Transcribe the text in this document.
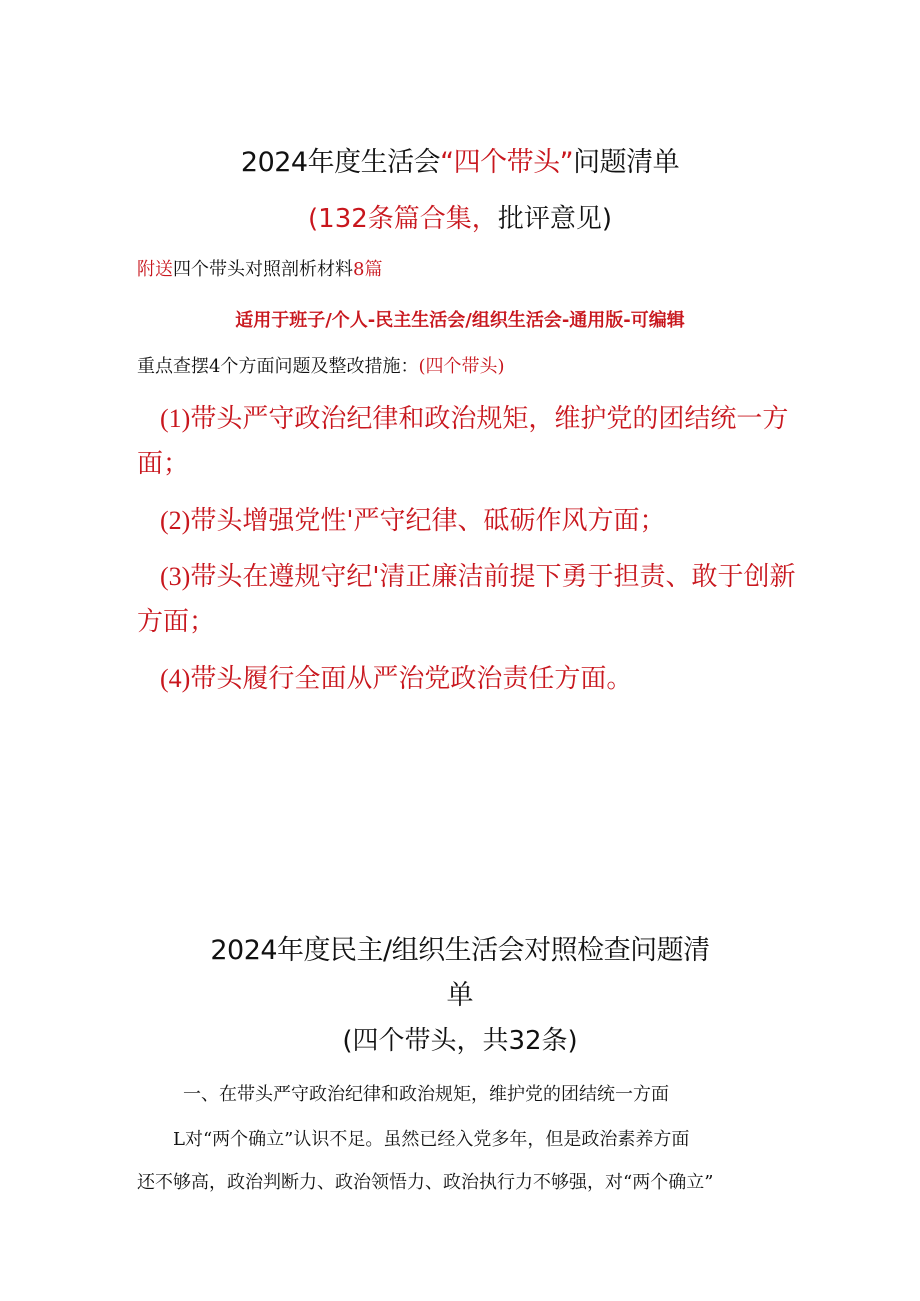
2024年度生活会“四个带头”问题清单
(132条篇合集，批评意见)
附送四个带头对照剖析材料8篇
适用于班子/个人-民主生活会/组织生活会-通用版-可编辑
重点查摆4个方面问题及整改措施：(四个带头)
(1)带头严守政治纪律和政治规矩，维护党的团结统一方
面；
(2)带头增强党性'严守纪律、砥砺作风方面；
(3)带头在遵规守纪'清正廉洁前提下勇于担责、敢于创新
方面；
(4)带头履行全面从严治党政治责任方面。
2024年度民主/组织生活会对照检查问题清
单
(四个带头，共32条)
一、在带头严守政治纪律和政治规矩，维护党的团结统一方面
L对“两个确立”认识不足。虽然已经入党多年，但是政治素养方面
还不够高，政治判断力、政治领悟力、政治执行力不够强，对“两个确立”
